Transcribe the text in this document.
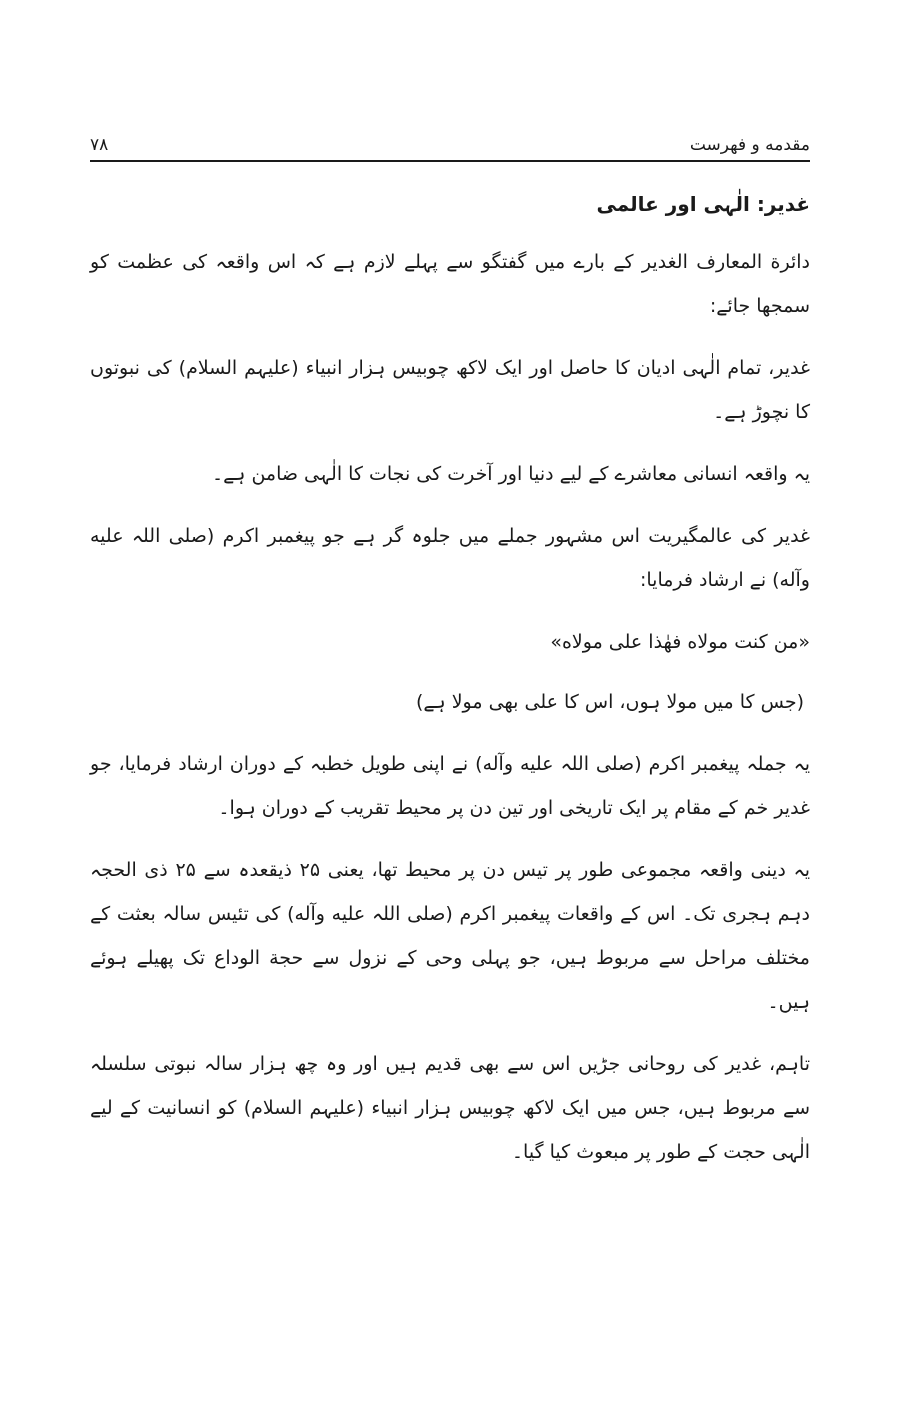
مقدمه و فهرست
۷۸

غدیر: الٰہی اور عالمی

دائرة المعارف الغدیر کے بارے میں گفتگو سے پہلے لازم ہے کہ اس واقعہ کی عظمت کو سمجھا جائے:

غدیر، تمام الٰہی ادیان کا حاصل اور ایک لاکھ چوبیس ہزار انبیاء (علیہم السلام) کی نبوتوں کا نچوڑ ہے۔

یہ واقعہ انسانی معاشرے کے لیے دنیا اور آخرت کی نجات کا الٰہی ضامن ہے۔

غدیر کی عالمگیریت اس مشہور جملے میں جلوہ گر ہے جو پیغمبر اکرم (صلی اللہ علیه وآله) نے ارشاد فرمایا:

«من کنت مولاه فهٰذا علی مولاه»

(جس کا میں مولا ہوں، اس کا علی بھی مولا ہے)

یہ جملہ پیغمبر اکرم (صلی اللہ علیه وآله) نے اپنی طویل خطبہ کے دوران ارشاد فرمایا، جو غدیر خم کے مقام پر ایک تاریخی اور تین دن پر محیط تقریب کے دوران ہوا۔

یہ دینی واقعہ مجموعی طور پر تیس دن پر محیط تھا، یعنی ۲۵ ذیقعدہ سے ۲۵ ذی الحجہ دہم ہجری تک۔ اس کے واقعات پیغمبر اکرم (صلی اللہ علیه وآله) کی تئیس سالہ بعثت کے مختلف مراحل سے مربوط ہیں، جو پہلی وحی کے نزول سے حجة الوداع تک پھیلے ہوئے ہیں۔

تاہم، غدیر کی روحانی جڑیں اس سے بھی قدیم ہیں اور وہ چھ ہزار سالہ نبوتی سلسلہ سے مربوط ہیں، جس میں ایک لاکھ چوبیس ہزار انبیاء (علیہم السلام) کو انسانیت کے لیے الٰہی حجت کے طور پر مبعوث کیا گیا۔
